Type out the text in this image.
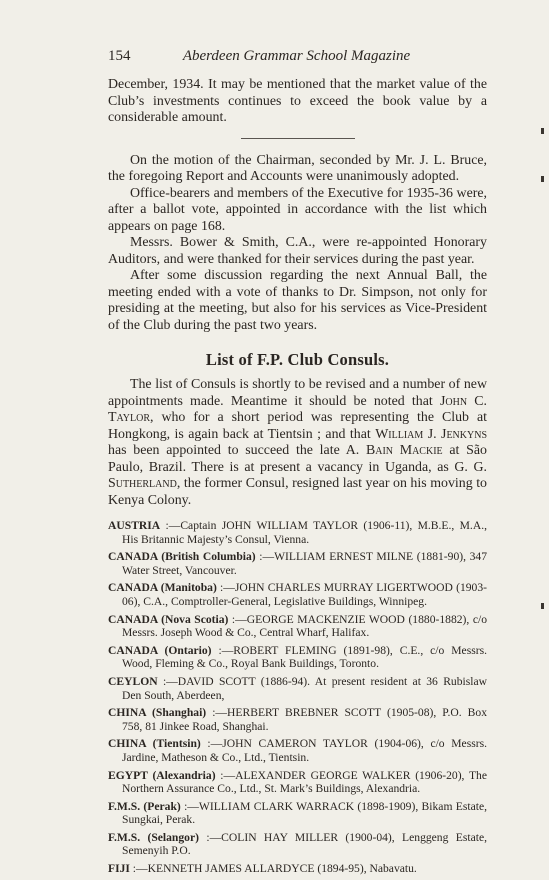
154	Aberdeen Grammar School Magazine

December, 1934. It may be mentioned that the market value of the Club’s investments continues to exceed the book value by a considerable amount.

On the motion of the Chairman, seconded by Mr. J. L. Bruce, the foregoing Report and Accounts were unanimously adopted.

Office-bearers and members of the Executive for 1935-36 were, after a ballot vote, appointed in accordance with the list which appears on page 168.

Messrs. Bower & Smith, C.A., were re-appointed Honorary Auditors, and were thanked for their services during the past year.

After some discussion regarding the next Annual Ball, the meeting ended with a vote of thanks to Dr. Simpson, not only for presiding at the meeting, but also for his services as Vice-President of the Club during the past two years.

List of F.P. Club Consuls.

The list of Consuls is shortly to be revised and a number of new appointments made. Meantime it should be noted that John C. Taylor, who for a short period was representing the Club at Hongkong, is again back at Tientsin ; and that William J. Jenkyns has been appointed to succeed the late A. Bain Mackie at São Paulo, Brazil. There is at present a vacancy in Uganda, as G. G. Sutherland, the former Consul, resigned last year on his moving to Kenya Colony.

AUSTRIA :—Captain JOHN WILLIAM TAYLOR (1906-11), M.B.E., M.A., His Britannic Majesty’s Consul, Vienna.
CANADA (British Columbia) :—WILLIAM ERNEST MILNE (1881-90), 347 Water Street, Vancouver.
CANADA (Manitoba) :—JOHN CHARLES MURRAY LIGERTWOOD (1903-06), C.A., Comptroller-General, Legislative Buildings, Winnipeg.
CANADA (Nova Scotia) :—GEORGE MACKENZIE WOOD (1880-1882), c/o Messrs. Joseph Wood & Co., Central Wharf, Halifax.
CANADA (Ontario) :—ROBERT FLEMING (1891-98), C.E., c/o Messrs. Wood, Fleming & Co., Royal Bank Buildings, Toronto.
CEYLON :—DAVID SCOTT (1886-94). At present resident at 36 Rubislaw Den South, Aberdeen,
CHINA (Shanghai) :—HERBERT BREBNER SCOTT (1905-08), P.O. Box 758, 81 Jinkee Road, Shanghai.
CHINA (Tientsin) :—JOHN CAMERON TAYLOR (1904-06), c/o Messrs. Jardine, Matheson & Co., Ltd., Tientsin.
EGYPT (Alexandria) :—ALEXANDER GEORGE WALKER (1906-20), The Northern Assurance Co., Ltd., St. Mark’s Buildings, Alexandria.
F.M.S. (Perak) :—WILLIAM CLARK WARRACK (1898-1909), Bikam Estate, Sungkai, Perak.
F.M.S. (Selangor) :—COLIN HAY MILLER (1900-04), Lenggeng Estate, Semenyih P.O.
FIJI :—KENNETH JAMES ALLARDYCE (1894-95), Nabavatu.
